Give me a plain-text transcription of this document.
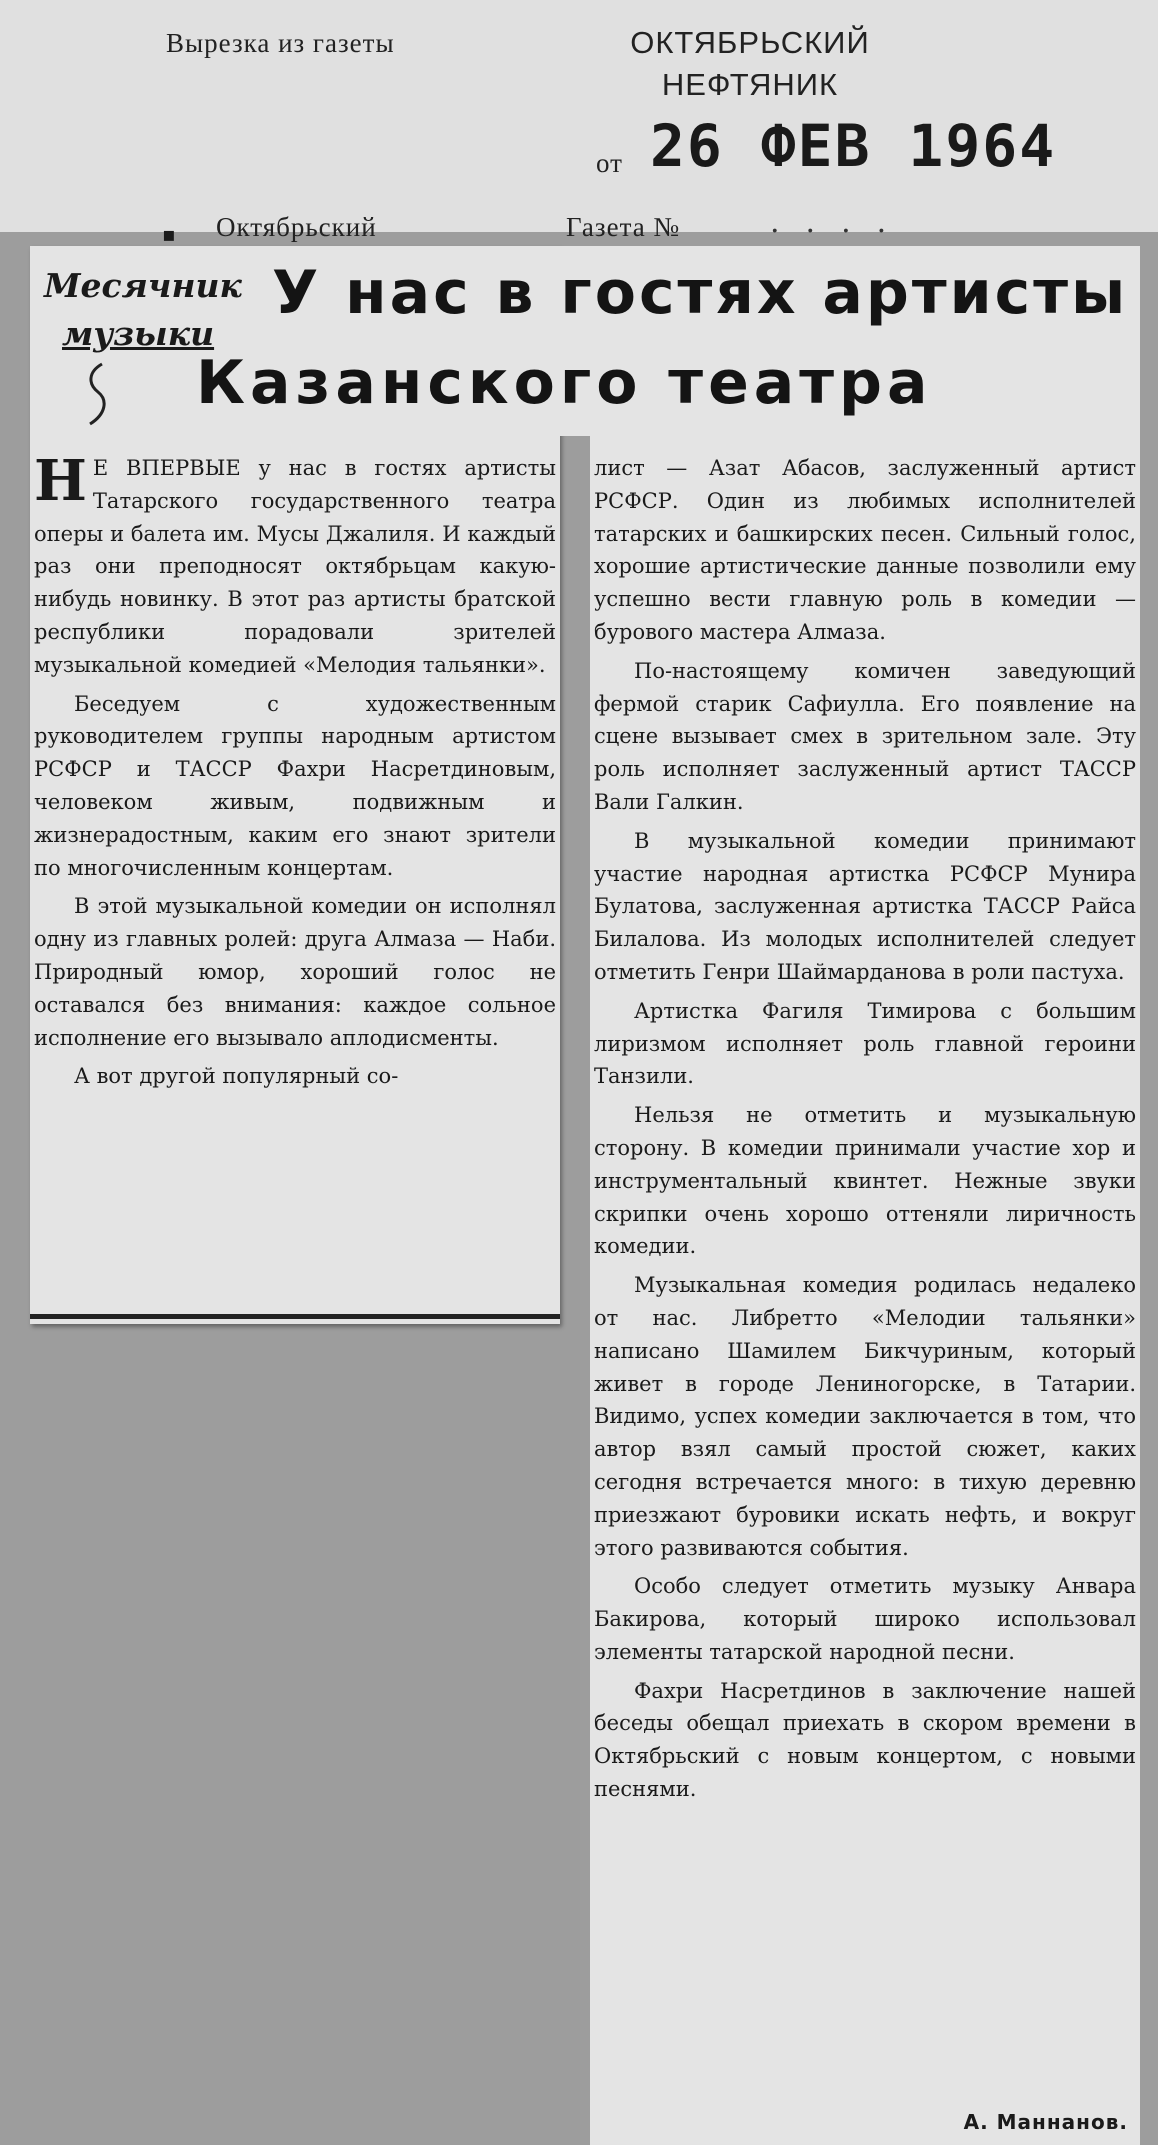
Вырезка из газеты	ОКТЯБРЬСКИЙ НЕФТЯНИК
от 26 ФЕВ 1964
▪ Октябрьский	Газета №	....
Месячник
музыки
У нас в гостях артисты
Казанского театра

Н Е ВПЕРВЫЕ у нас в гостях артисты Татарского государственного театра оперы и балета им. Мусы Джалиля. И каждый раз они преподносят октябрьцам какую-нибудь новинку. В этот раз артисты братской республики порадовали зрителей музыкальной комедией «Мелодия тальянки».

Беседуем с художественным руководителем группы народным артистом РСФСР и ТАССР Фахри Насретдиновым, человеком живым, подвижным и жизнерадостным, каким его знают зрители по многочисленным концертам.

В этой музыкальной комедии он исполнял одну из главных ролей: друга Алмаза — Наби. Природный юмор, хороший голос не оставался без внимания: каждое сольное исполнение его вызывало аплодисменты.

А вот другой популярный со-

лист — Азат Абасов, заслуженный артист РСФСР. Один из любимых исполнителей татарских и башкирских песен. Сильный голос, хорошие артистические данные позволили ему успешно вести главную роль в комедии — бурового мастера Алмаза.

По-настоящему комичен заведующий фермой старик Сафиулла. Его появление на сцене вызывает смех в зрительном зале. Эту роль исполняет заслуженный артист ТАССР Вали Галкин.

В музыкальной комедии принимают участие народная артистка РСФСР Мунира Булатова, заслуженная артистка ТАССР Райса Билалова. Из молодых исполнителей следует отметить Генри Шаймарданова в роли пастуха.

Артистка Фагиля Тимирова с большим лиризмом исполняет роль главной героини Танзили.

Нельзя не отметить и музыкальную сторону. В комедии принимали участие хор и инструментальный квинтет. Нежные звуки скрипки очень хорошо оттеняли лиричность комедии.

Музыкальная комедия родилась недалеко от нас. Либретто «Мелодии тальянки» написано Шамилем Бикчуриным, который живет в городе Лениногорске, в Татарии. Видимо, успех комедии заключается в том, что автор взял самый простой сюжет, каких сегодня встречается много: в тихую деревню приезжают буровики искать нефть, и вокруг этого развиваются события.

Особо следует отметить музыку Анвара Бакирова, который широко использовал элементы татарской народной песни.

Фахри Насретдинов в заключение нашей беседы обещал приехать в скором времени в Октябрьский с новым концертом, с новыми песнями.

А. Маннанов.
